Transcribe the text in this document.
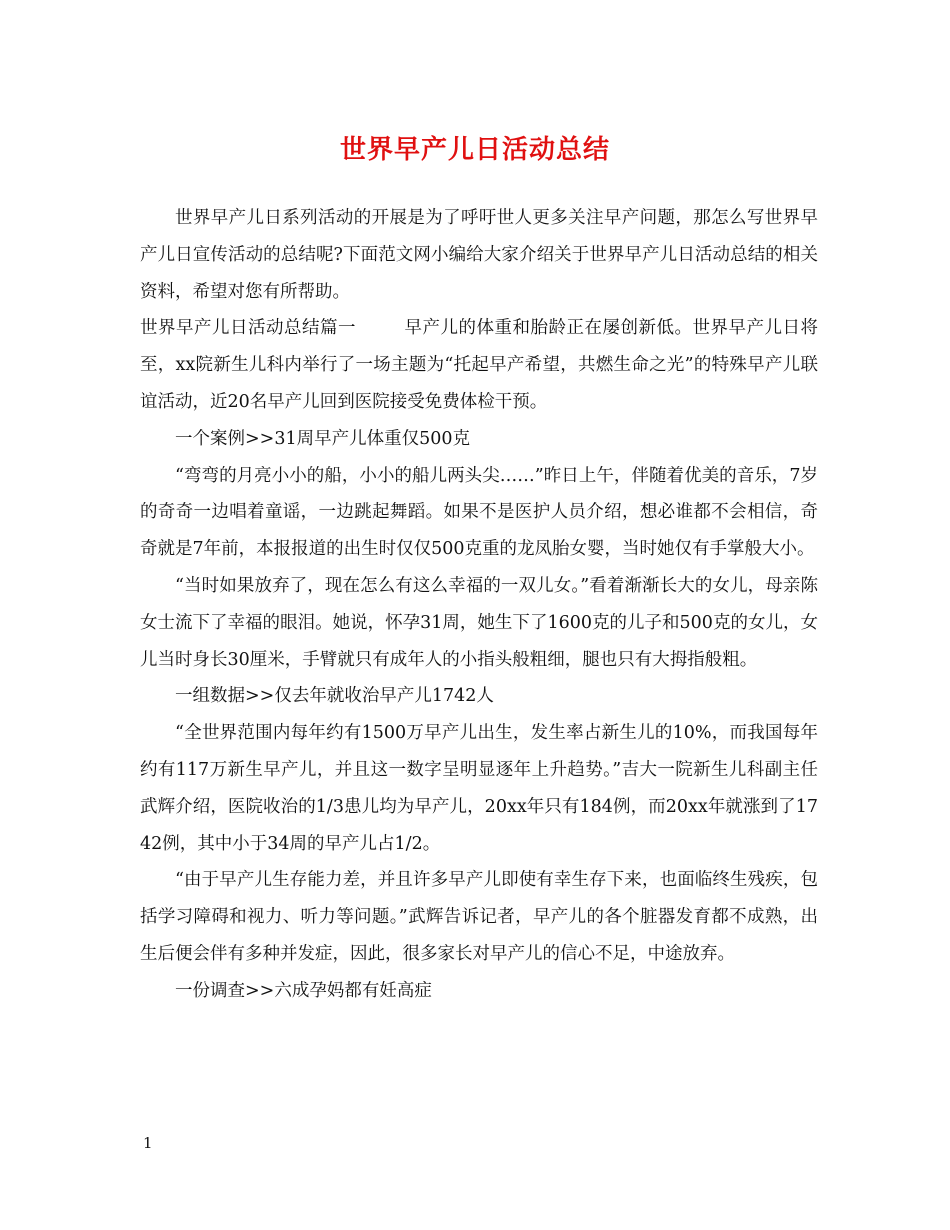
世界早产儿日活动总结

世界早产儿日系列活动的开展是为了呼吁世人更多关注早产问题，那怎么写世界早产儿日宣传活动的总结呢?下面范文网小编给大家介绍关于世界早产儿日活动总结的相关资料，希望对您有所帮助。

世界早产儿日活动总结篇一	早产儿的体重和胎龄正在屡创新低。世界早产儿日将至，xx院新生儿科内举行了一场主题为“托起早产希望，共燃生命之光”的特殊早产儿联谊活动，近20名早产儿回到医院接受免费体检干预。

一个案例>>31周早产儿体重仅500克

“弯弯的月亮小小的船，小小的船儿两头尖……”昨日上午，伴随着优美的音乐，7岁的奇奇一边唱着童谣，一边跳起舞蹈。如果不是医护人员介绍，想必谁都不会相信，奇奇就是7年前，本报报道的出生时仅仅500克重的龙凤胎女婴，当时她仅有手掌般大小。

“当时如果放弃了，现在怎么有这么幸福的一双儿女。”看着渐渐长大的女儿，母亲陈女士流下了幸福的眼泪。她说，怀孕31周，她生下了1600克的儿子和500克的女儿，女儿当时身长30厘米，手臂就只有成年人的小指头般粗细，腿也只有大拇指般粗。

一组数据>>仅去年就收治早产儿1742人

“全世界范围内每年约有1500万早产儿出生，发生率占新生儿的10%，而我国每年约有117万新生早产儿，并且这一数字呈明显逐年上升趋势。”吉大一院新生儿科副主任武辉介绍，医院收治的1/3患儿均为早产儿，20xx年只有184例，而20xx年就涨到了1742例，其中小于34周的早产儿占1/2。

“由于早产儿生存能力差，并且许多早产儿即使有幸生存下来，也面临终生残疾，包括学习障碍和视力、听力等问题。”武辉告诉记者，早产儿的各个脏器发育都不成熟，出生后便会伴有多种并发症，因此，很多家长对早产儿的信心不足，中途放弃。

一份调查>>六成孕妈都有妊高症

1
